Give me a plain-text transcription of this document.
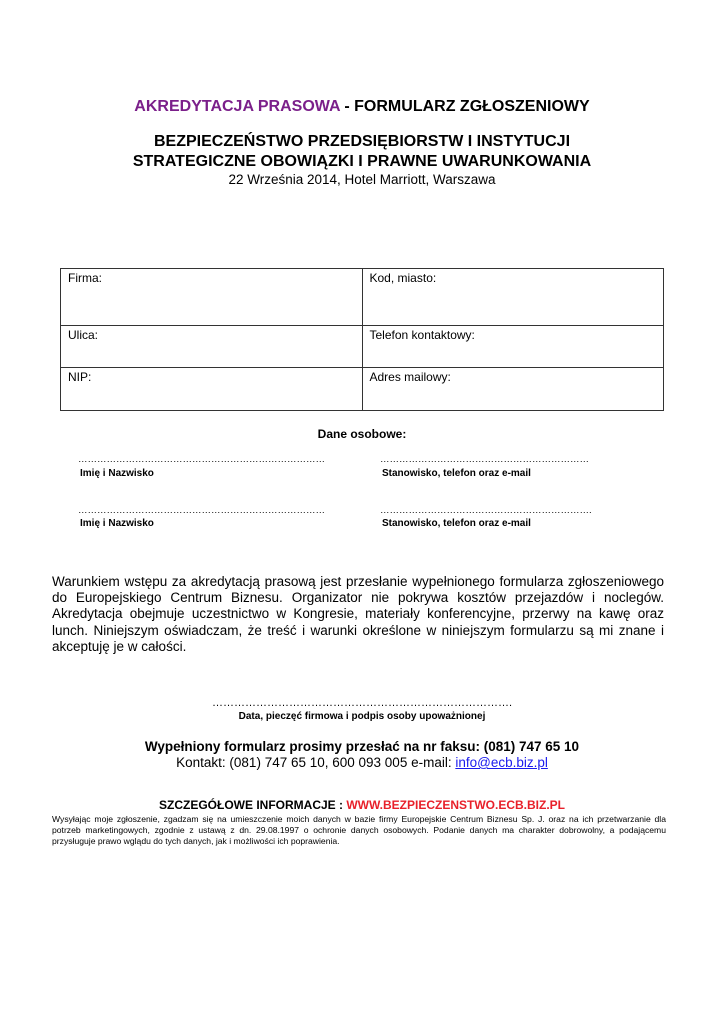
AKREDYTACJA PRASOWA - FORMULARZ ZGŁOSZENIOWY
BEZPIECZEŃSTWO PRZEDSIĘBIORSTW I INSTYTUCJI
STRATEGICZNE OBOWIĄZKI I PRAWNE UWARUNKOWANIA
22 Września 2014, Hotel Marriott, Warszawa
Firma:	Kod, miasto:
Ulica:	Telefon kontaktowy:
NIP:	Adres mailowy:
Dane osobowe:
……………………………………………………………………
Imię i Nazwisko
…………………………………………………………
Stanowisko, telefon oraz e-mail
……………………………………………………………………
Imię i Nazwisko
………………………………………………………….
Stanowisko, telefon oraz e-mail
Warunkiem wstępu za akredytacją prasową jest przesłanie wypełnionego formularza zgłoszeniowego do Europejskiego Centrum Biznesu. Organizator nie pokrywa kosztów przejazdów i noclegów. Akredytacja obejmuje uczestnictwo w Kongresie, materiały konferencyjne, przerwy na kawę oraz lunch. Niniejszym oświadczam, że treść i warunki określone w niniejszym formularzu są mi znane i akceptuję je w całości.
……………………………………………………………………….
Data, pieczęć firmowa i podpis osoby upoważnionej
Wypełniony formularz prosimy przesłać na nr faksu: (081) 747 65 10
Kontakt: (081) 747 65 10, 600 093 005 e-mail: info@ecb.biz.pl
SZCZEGÓŁOWE INFORMACJE : WWW.BEZPIECZENSTWO.ECB.BIZ.PL
Wysyłając moje zgłoszenie, zgadzam się na umieszczenie moich danych w bazie firmy Europejskie Centrum Biznesu Sp. J. oraz na ich przetwarzanie dla potrzeb marketingowych, zgodnie z ustawą z dn. 29.08.1997 o ochronie danych osobowych. Podanie danych ma charakter dobrowolny, a podającemu przysługuje prawo wglądu do tych danych, jak i możliwości ich poprawienia.
